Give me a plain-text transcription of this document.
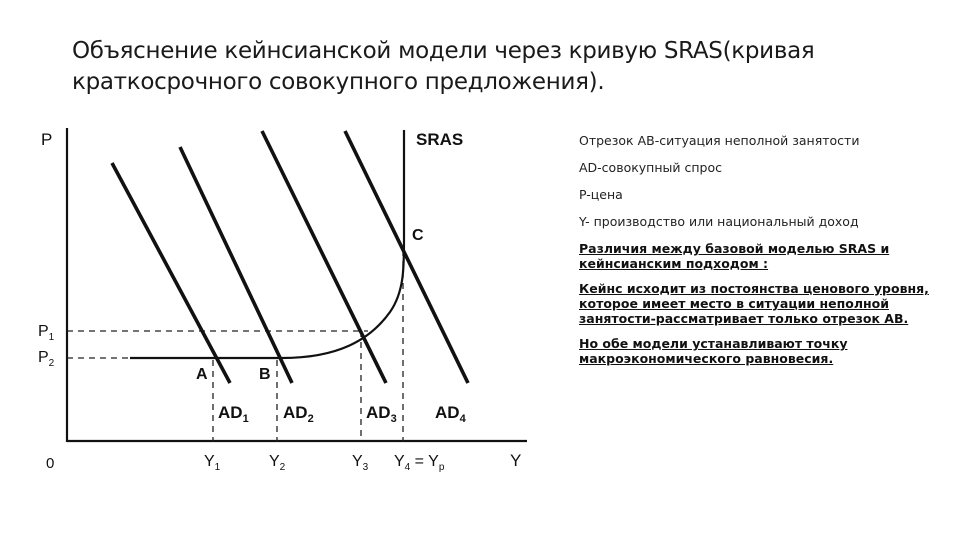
Объяснение кейнсианской модели через кривую SRAS(кривая краткосрочного совокупного предложения).
P
Y
0
SRAS
$P_1$
$P_2$
A	B
C
$AD_1$ $AD_2$	$AD_3$ $AD_4$
$Y_1$	$Y_2$	$Y_3$ $Y_4 = Y_p$

Отрезок АВ-ситуация неполной занятости

AD-совокупный спрос

P-цена

Y- производство или национальный доход

Различия между базовой моделью SRAS и кейнсианским подходом :

Кейнс исходит из постоянства ценового уровня, которое имеет место в ситуации неполной занятости-рассматривает только отрезок АВ.

Но обе модели устанавливают точку макроэкономического равновесия.
